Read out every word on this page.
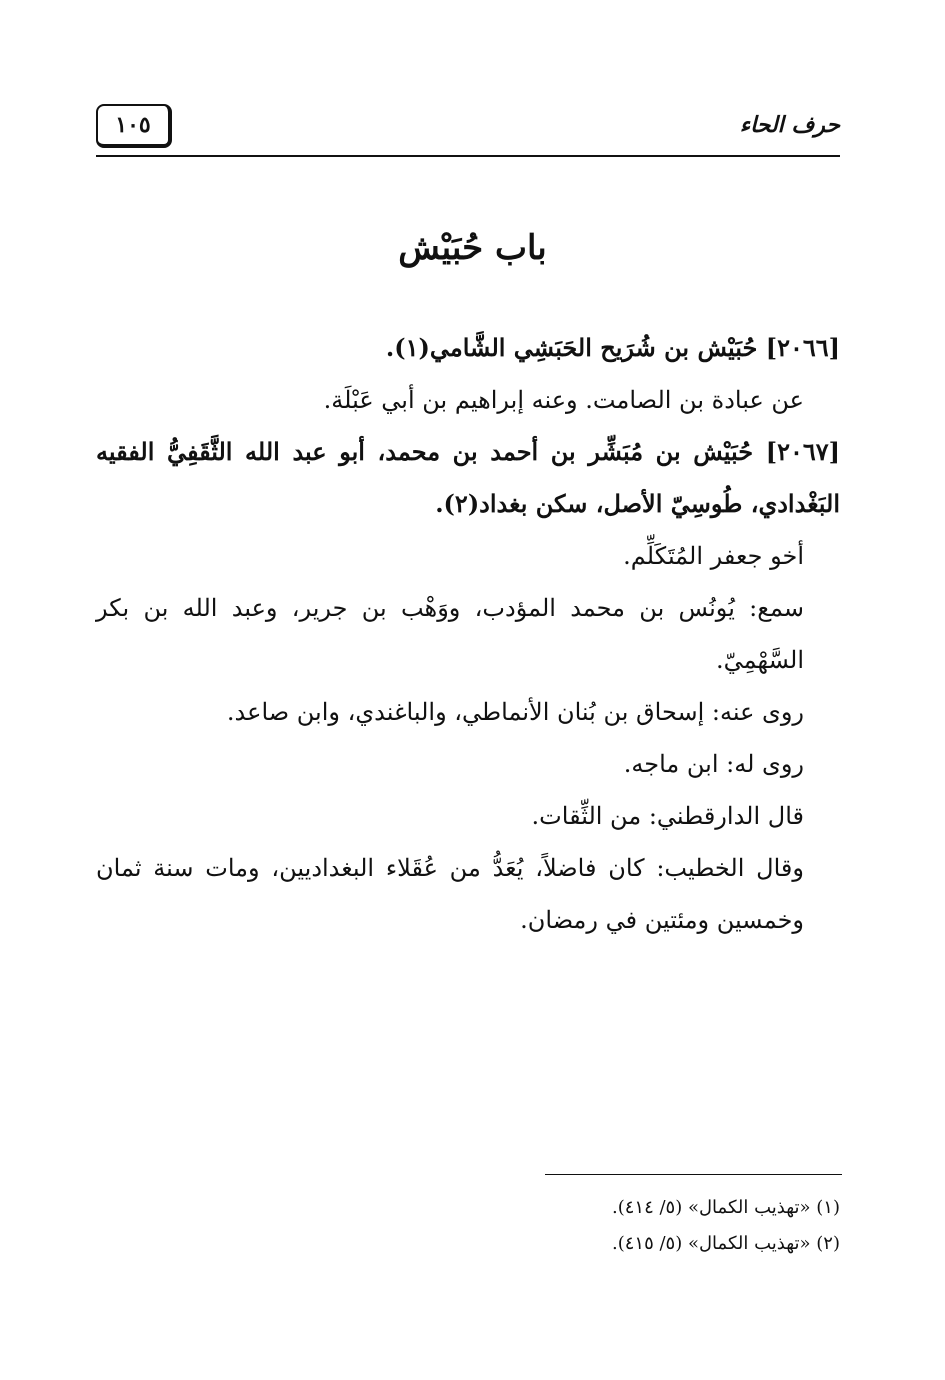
١٠٥	حرف الحاء
باب حُبَيْش

[٢٠٦٦] حُبَيْش بن شُرَيح الحَبَشِي الشَّامي(١).

عن عبادة بن الصامت. وعنه إبراهيم بن أبي عَبْلَة.

[٢٠٦٧] حُبَيْش بن مُبَشِّر بن أحمد بن محمد، أبو عبد الله الثَّقَفِيُّ الفقيه البَغْدادي، طُوسِيّ الأصل، سكن بغداد(٢).

أخو جعفر المُتَكَلِّم.

سمع: يُونُس بن محمد المؤدب، ووَهْب بن جرير، وعبد الله بن بكر السَّهْمِيّ.

روى عنه: إسحاق بن بُنان الأنماطي، والباغندي، وابن صاعد.

روى له: ابن ماجه.

قال الدارقطني: من الثِّقات.

وقال الخطيب: كان فاضلاً، يُعَدُّ من عُقَلاء البغداديين، ومات سنة ثمان وخمسين ومئتين في رمضان.

(١) «تهذيب الكمال» (٥/ ٤١٤).

(٢) «تهذيب الكمال» (٥/ ٤١٥).
